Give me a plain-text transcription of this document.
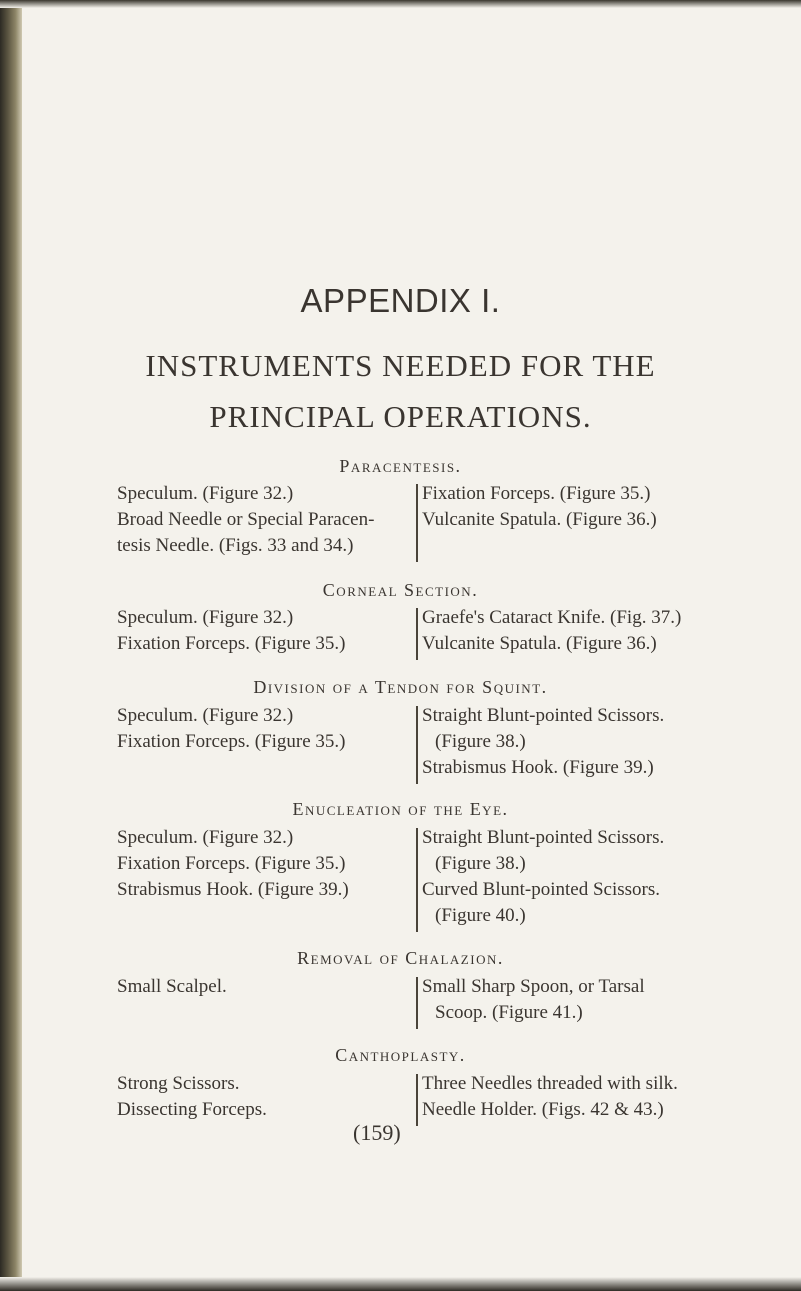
APPENDIX I.
INSTRUMENTS NEEDED FOR THE
PRINCIPAL OPERATIONS.
Paracentesis.
Speculum. (Figure 32.)
Broad Needle or Special Paracen-
tesis Needle. (Figs. 33 and 34.)
Fixation Forceps. (Figure 35.)
Vulcanite Spatula. (Figure 36.)
Corneal Section.
Speculum. (Figure 32.)
Fixation Forceps. (Figure 35.)
Graefe's Cataract Knife. (Fig. 37.)
Vulcanite Spatula. (Figure 36.)
Division of a Tendon for Squint.
Speculum. (Figure 32.)
Fixation Forceps. (Figure 35.)
Straight Blunt-pointed Scissors.
(Figure 38.)
Strabismus Hook. (Figure 39.)
Enucleation of the Eye.
Speculum. (Figure 32.)
Fixation Forceps. (Figure 35.)
Strabismus Hook. (Figure 39.)
Straight Blunt-pointed Scissors.
(Figure 38.)
Curved Blunt-pointed Scissors.
(Figure 40.)
Removal of Chalazion.
Small Scalpel.	Small Sharp Spoon, or Tarsal
Scoop. (Figure 41.)
Canthoplasty.
Strong Scissors.
Dissecting Forceps.
Three Needles threaded with silk.
Needle Holder. (Figs. 42 & 43.)
(159)
